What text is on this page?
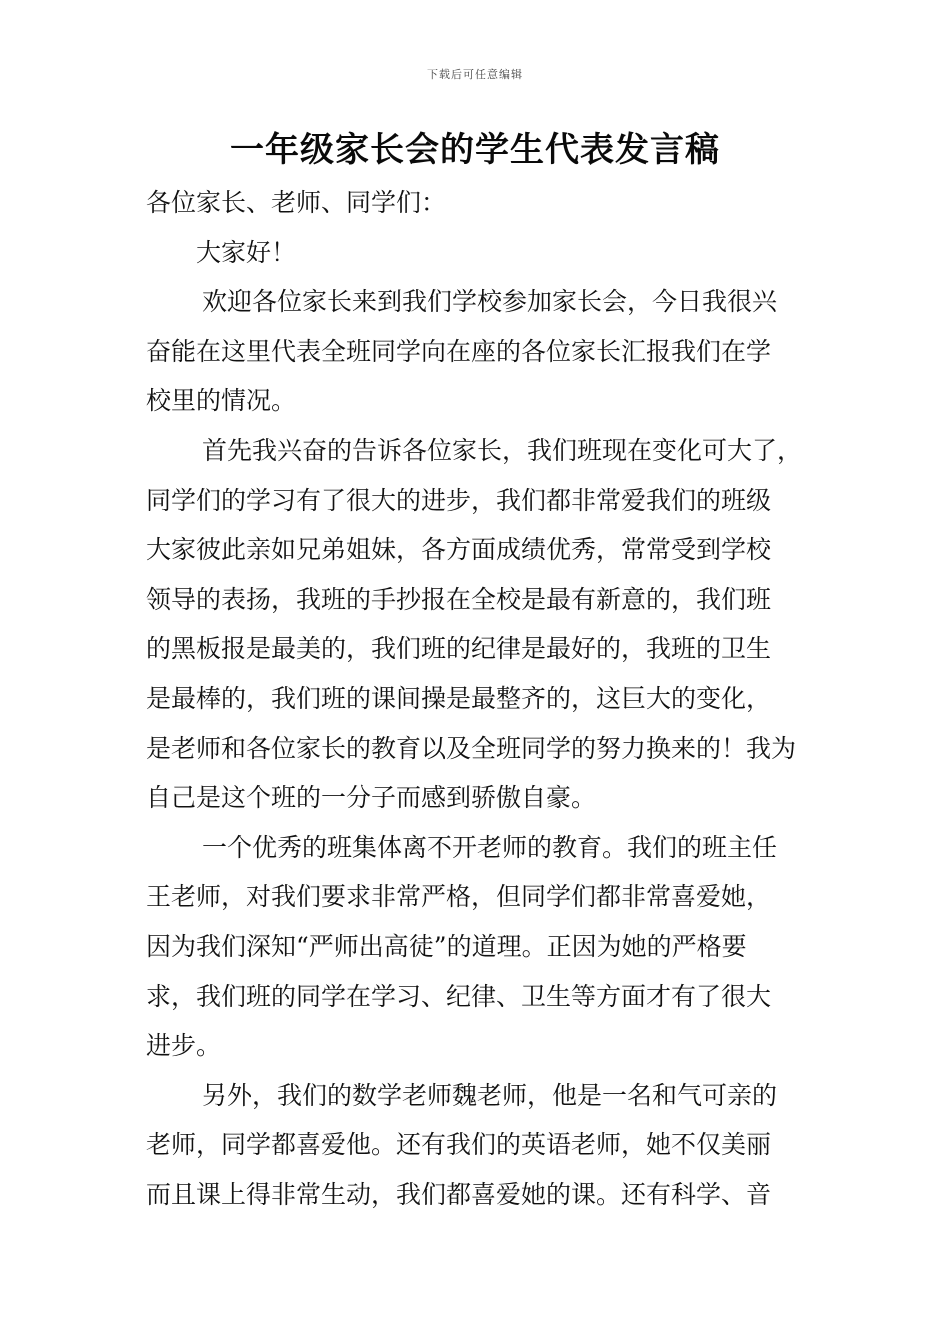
下载后可任意编辑
一年级家长会的学生代表发言稿
各位家长、老师、同学们：
大家好！
欢迎各位家长来到我们学校参加家长会，今日我很兴
奋能在这里代表全班同学向在座的各位家长汇报我们在学
校里的情况。
首先我兴奋的告诉各位家长，我们班现在变化可大了，
同学们的学习有了很大的进步，我们都非常爱我们的班级
大家彼此亲如兄弟姐妹，各方面成绩优秀，常常受到学校
领导的表扬，我班的手抄报在全校是最有新意的，我们班
的黑板报是最美的，我们班的纪律是最好的，我班的卫生
是最棒的，我们班的课间操是最整齐的，这巨大的变化，
是老师和各位家长的教育以及全班同学的努力换来的！我为
自己是这个班的一分子而感到骄傲自豪。
一个优秀的班集体离不开老师的教育。我们的班主任
王老师，对我们要求非常严格，但同学们都非常喜爱她，
因为我们深知“严师出高徒”的道理。正因为她的严格要
求，我们班的同学在学习、纪律、卫生等方面才有了很大
进步。
另外，我们的数学老师魏老师，他是一名和气可亲的
老师，同学都喜爱他。还有我们的英语老师，她不仅美丽
而且课上得非常生动，我们都喜爱她的课。还有科学、音
